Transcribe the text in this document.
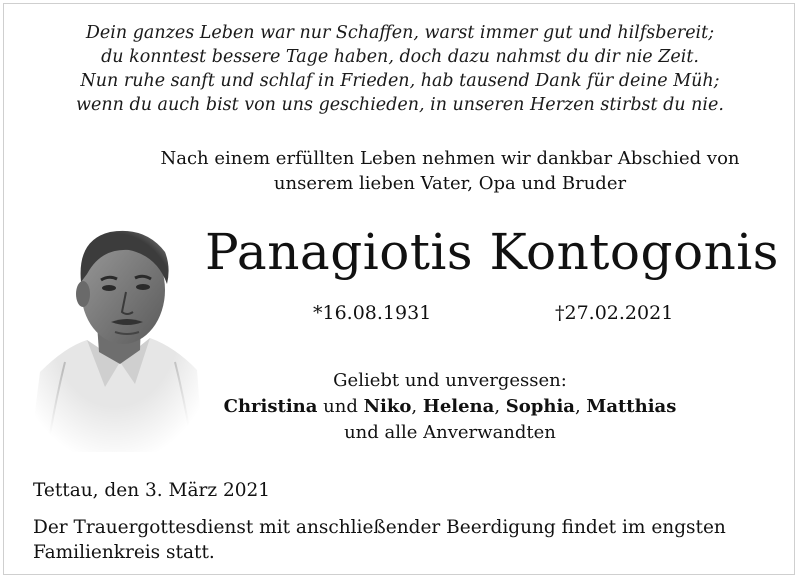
Dein ganzes Leben war nur Schaffen, warst immer gut und hilfsbereit;
du konntest bessere Tage haben, doch dazu nahmst du dir nie Zeit.
Nun ruhe sanft und schlaf in Frieden, hab tausend Dank für deine Müh;
wenn du auch bist von uns geschieden, in unseren Herzen stirbst du nie.
Nach einem erfüllten Leben nehmen wir dankbar Abschied von
unserem lieben Vater, Opa und Bruder
Panagiotis Kontogonis
*16.08.1931	†27.02.2021
Geliebt und unvergessen:
Christina und Niko, Helena, Sophia, Matthias
und alle Anverwandten
Tettau, den 3. März 2021
Der Trauergottesdienst mit anschließender Beerdigung findet im engsten Familienkreis statt.
